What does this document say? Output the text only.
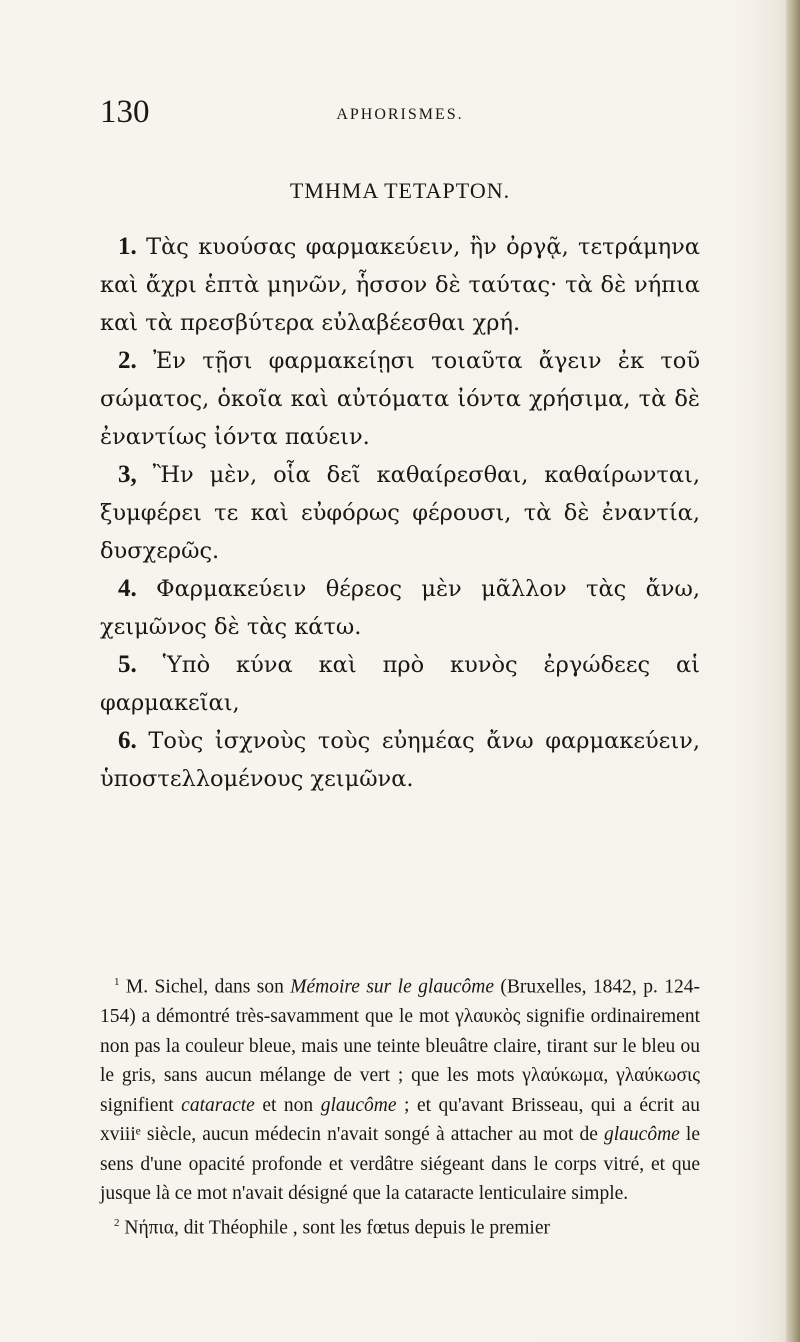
130	APHORISMES.
ΤΜΗΜΑ ΤΕΤΑΡΤΟΝ.

1. Τὰς κυούσας φαρμακεύειν, ἢν ὀργᾷ, τετράμηνα καὶ ἄχρι ἑπτὰ μηνῶν, ἧσσον δὲ ταύτας· τὰ δὲ νήπια καὶ τὰ πρεσβύτερα εὐλαβέεσθαι χρή.

2. Ἐν τῇσι φαρμακείῃσι τοιαῦτα ἄγειν ἐκ τοῦ σώματος, ὁκοῖα καὶ αὐτόματα ἰόντα χρήσιμα, τὰ δὲ ἐναντίως ἰόντα παύειν.

3, Ἢν μὲν, οἷα δεῖ καθαίρεσθαι, καθαίρωνται, ξυμφέρει τε καὶ εὐφόρως φέρουσι, τὰ δὲ ἐναντία, δυσχερῶς.

4. Φαρμακεύειν θέρεος μὲν μᾶλλον τὰς ἄνω, χειμῶνος δὲ τὰς κάτω.

5. Ὑπὸ κύνα καὶ πρὸ κυνὸς ἐργώδεες αἱ φαρμακεῖαι,

6. Τοὺς ἰσχνοὺς τοὺς εὐημέας ἄνω φαρμακεύειν, ὑποστελλομένους χειμῶνα.

$^1$ M. Sichel, dans son Mémoire sur le glaucôme (Bruxelles, 1842, p. 124-154) a démontré très-savamment que le mot γλαυκὸς signifie ordinairement non pas la couleur bleue, mais une teinte bleuâtre claire, tirant sur le bleu ou le gris, sans aucun mélange de vert ; que les mots γλαύκωμα, γλαύκωσις signifient cataracte et non glaucôme ; et qu'avant Brisseau, qui a écrit au xviiiᵉ siècle, aucun médecin n'avait songé à attacher au mot de glaucôme le sens d'une opacité profonde et verdâtre siégeant dans le corps vitré, et que jusque là ce mot n'avait désigné que la cataracte lenticulaire simple.

$^2$ Νήπια, dit Théophile , sont les fœtus depuis le premier
